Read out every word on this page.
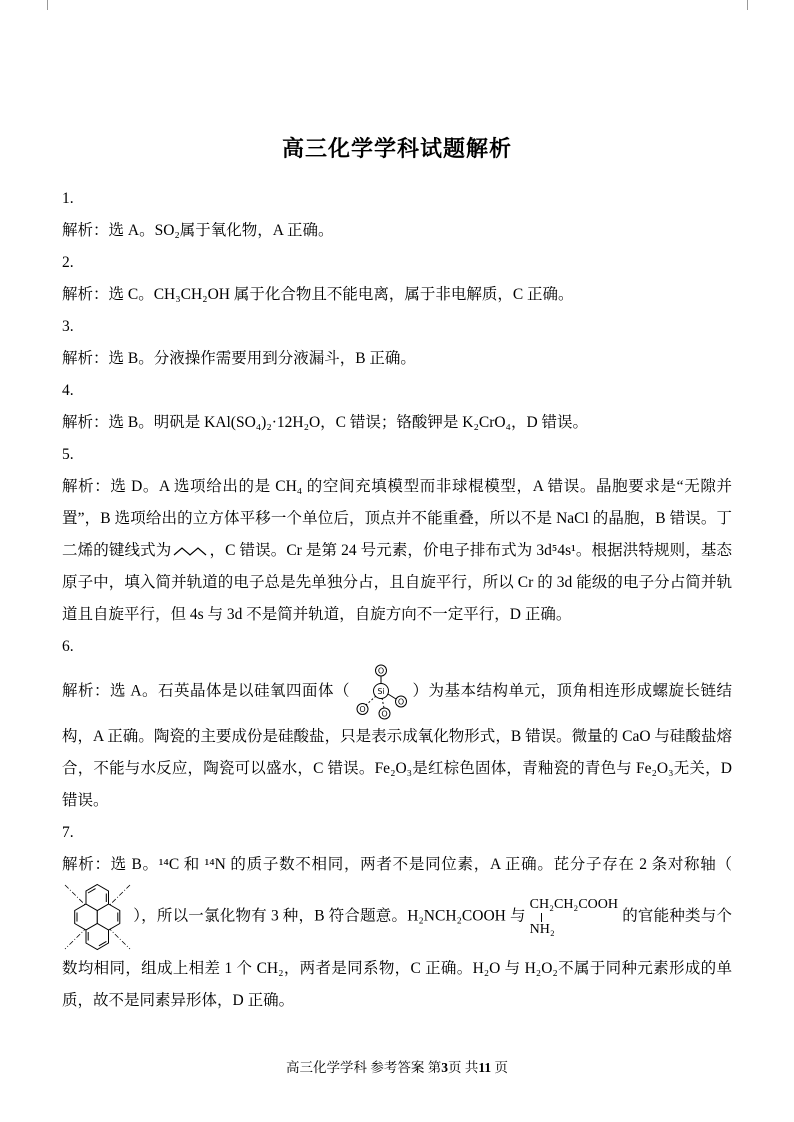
高三化学学科试题解析

1.

解析：选 A。SO₂属于氧化物，A 正确。

2.

解析：选 C。CH₃CH₂OH 属于化合物且不能电离，属于非电解质，C 正确。

3.

解析：选 B。分液操作需要用到分液漏斗，B 正确。

4.

解析：选 B。明矾是 KAl(SO₄)₂·12H₂O，C 错误；铬酸钾是 K₂CrO₄，D 错误。

5.

解析：选 D。A 选项给出的是 CH₄ 的空间充填模型而非球棍模型，A 错误。晶胞要求是“无隙并置”，B 选项给出的立方体平移一个单位后，顶点并不能重叠，所以不是 NaCl 的晶胞，B 错误。丁二烯的键线式为 ，C 错误。Cr 是第 24 号元素，价电子排布式为 3d⁵4s¹。根据洪特规则，基态原子中，填入简并轨道的电子总是先单独分占，且自旋平行，所以 Cr 的 3d 能级的电子分占简并轨道且自旋平行，但 4s 与 3d 不是简并轨道，自旋方向不一定平行，D 正确。

6.

解析：选 A。石英晶体是以硅氧四面体（	Si
O
O
O
O
）为基本结构单元，顶角相连形成螺旋长链结构，A 正确。陶瓷的主要成份是硅酸盐，只是表示成氧化物形式，B 错误。微量的 CaO 与硅酸盐熔合，不能与水反应，陶瓷可以盛水，C 错误。Fe₂O₃是红棕色固体，青釉瓷的青色与 Fe₂O₃无关，D 错误。

7.

解析：选 B。¹⁴C 和 ¹⁴N 的质子数不相同，两者不是同位素，A 正确。芘分子存在 2 条对称轴（），所以一氯化物有 3 种，B 符合题意。H₂NCH₂COOH 与CH₂CH₂COOH
NH₂的官能种类与个数均相同，组成上相差 1 个 CH₂，两者是同系物，C 正确。H₂O 与 H₂O₂不属于同种元素形成的单质，故不是同素异形体，D 正确。

高三化学学科 参考答案 第3页 共11 页
